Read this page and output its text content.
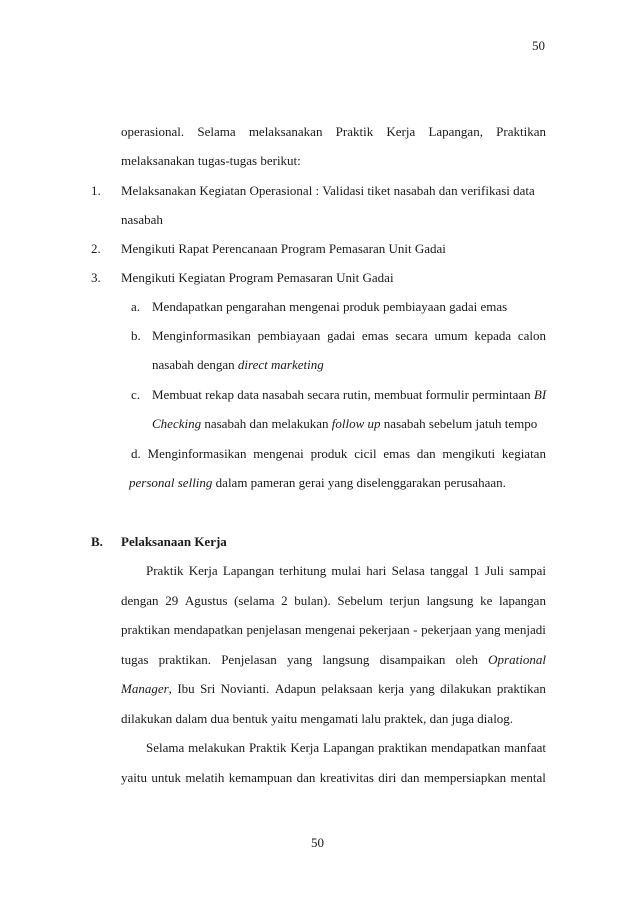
50
50
operasional. Selama melaksanakan Praktik Kerja Lapangan, Praktikan
melaksanakan tugas-tugas berikut:
1. Melaksanakan Kegiatan Operasional : Validasi tiket nasabah dan verifikasi data
nasabah
2. Mengikuti Rapat Perencanaan Program Pemasaran Unit Gadai
3. Mengikuti Kegiatan Program Pemasaran Unit Gadai
a. Mendapatkan pengarahan mengenai produk pembiayaan gadai emas
b. Menginformasikan pembiayaan gadai emas secara umum kepada calon
nasabah dengan direct marketing
c. Membuat rekap data nasabah secara rutin, membuat formulir permintaan BI
Checking nasabah dan melakukan follow up nasabah sebelum jatuh tempo
d. Menginformasikan mengenai produk cicil emas dan mengikuti kegiatan
personal selling dalam pameran gerai yang diselenggarakan perusahaan.
B. Pelaksanaan Kerja
Praktik Kerja Lapangan terhitung mulai hari Selasa tanggal 1 Juli sampai
dengan 29 Agustus (selama 2 bulan). Sebelum terjun langsung ke lapangan
praktikan mendapatkan penjelasan mengenai pekerjaan - pekerjaan yang menjadi
tugas praktikan. Penjelasan yang langsung disampaikan oleh Oprational
Manager, Ibu Sri Novianti. Adapun pelaksaan kerja yang dilakukan praktikan
dilakukan dalam dua bentuk yaitu mengamati lalu praktek, dan juga dialog.
Selama melakukan Praktik Kerja Lapangan praktikan mendapatkan manfaat
yaitu untuk melatih kemampuan dan kreativitas diri dan mempersiapkan mental
